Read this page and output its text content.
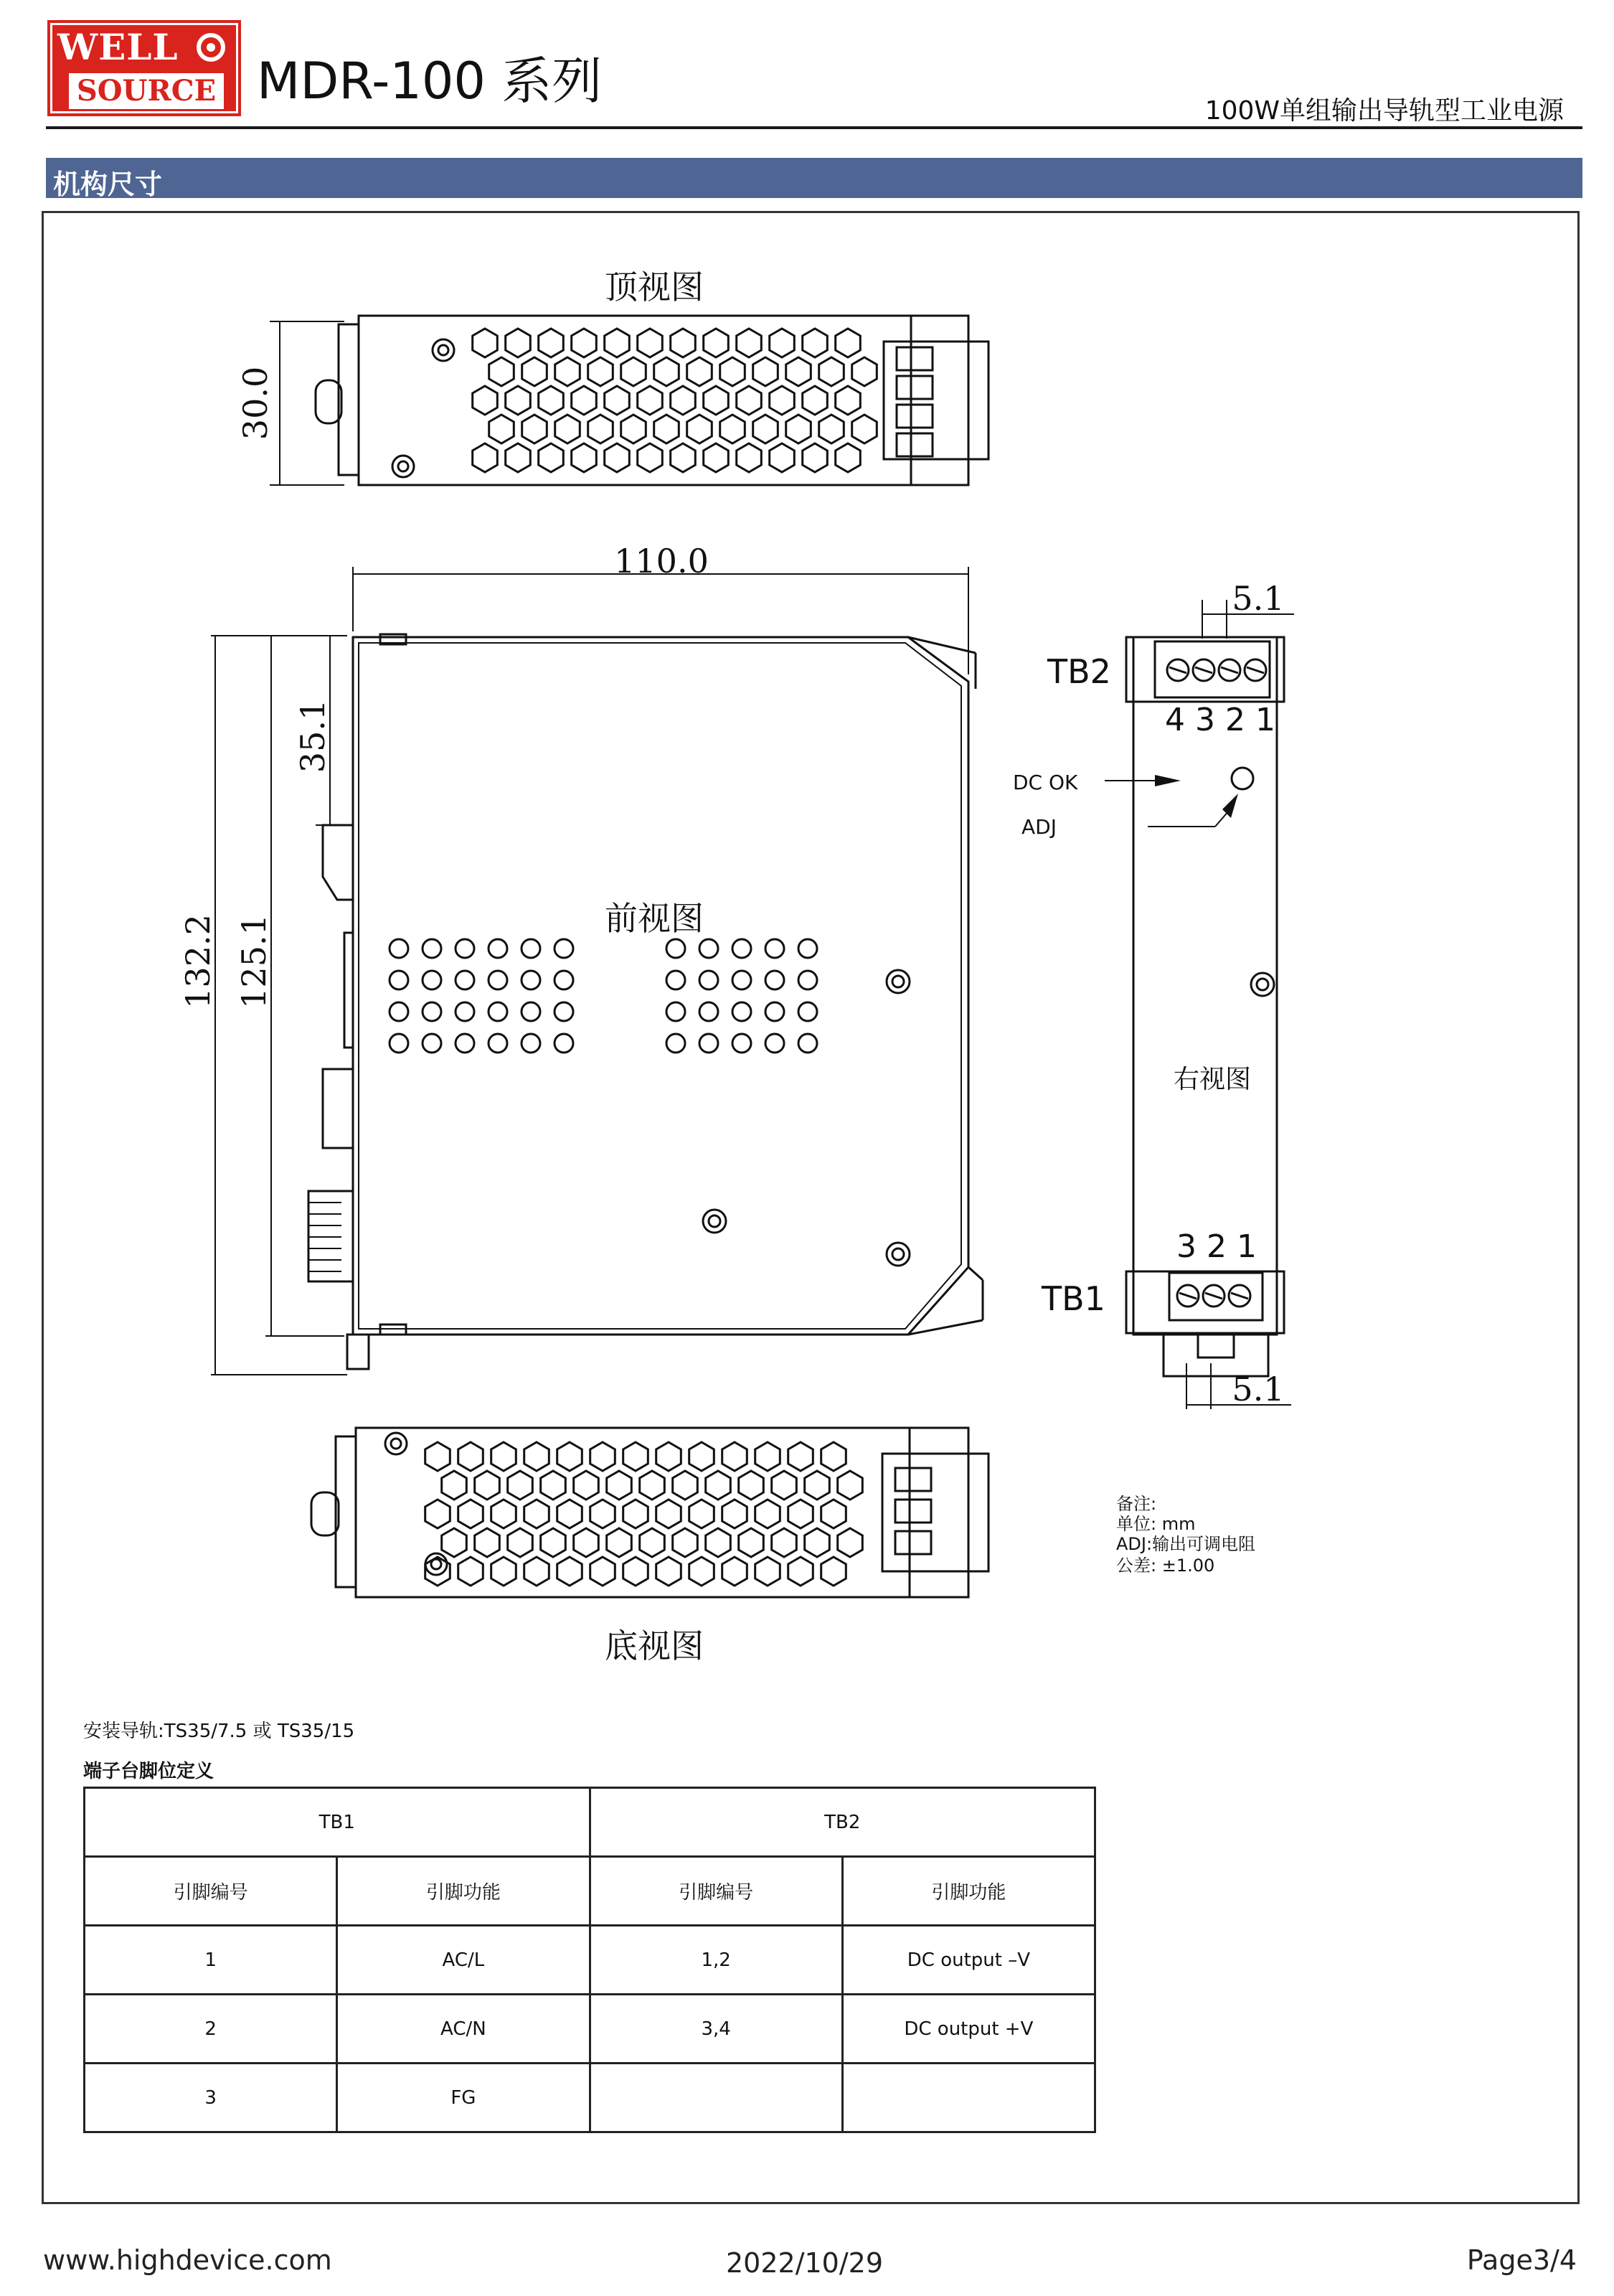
WELL
SOURCE MDR-100 系列
100W单组输出导轨型工业电源
机构尺寸
顶视图
前视图
右视图
底视图
110.0
30.0
132.2 125.1
35.1
5.1
5.1
TB2
4 3 2 1
TB1
3 2 1
DC OK
ADJ
备注:
单位: mm
ADJ:输出可调电阻
公差: ±1.00
安装导轨:TS35/7.5 或 TS35/15
端子台脚位定义
TB1		TB2	
引脚编号	引脚功能	引脚编号	引脚功能
1	AC/L	1,2	DC output –V
2	AC/N	3,4	DC output +V
3	FG		
www.highdevice.com	2022/10/29	Page3/4
